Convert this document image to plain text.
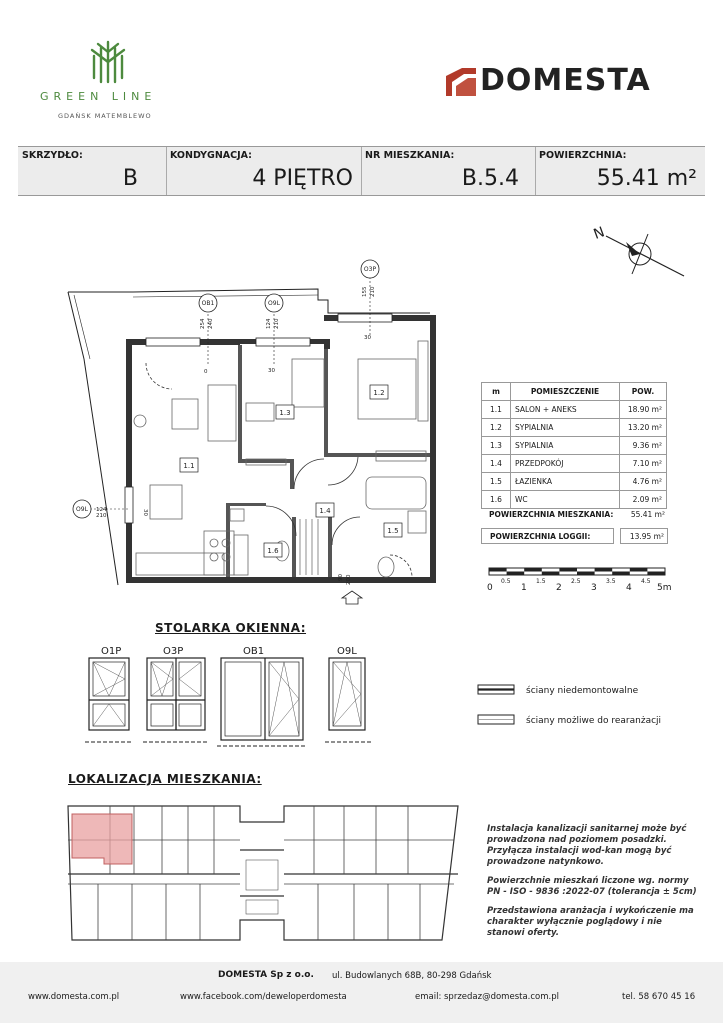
GREEN LINE
GDAŃSK MATEMBLEWO
DOMESTA
SKRZYDŁO:
B
KONDYGNACJA:
4 PIĘTRO
NR MIESZKANIA:
B.5.4
POWIERZCHNIA:
55.41 m²
N
OB1	O9L
O3P
O9L
254 240	124 210
155 210
124
210
90 200
0	30
30
30
1.1
1.2
1.3
1.4
1.5
1.6
m	POMIESZCZENIE	POW.
1.1	SALON + ANEKS	18.90 m²
1.2	SYPIALNIA	13.20 m²
1.3	SYPIALNIA	9.36 m²
1.4	PRZEDPOKÓJ	7.10 m²
1.5	ŁAZIENKA	4.76 m²
1.6	WC	2.09 m²
POWIERZCHNIA MIESZKANIA:	55.41 m²
POWIERZCHNIA LOGGII:	13.95 m²
0	1	2	3	4	5m
0.5	1.5	2.5	3.5	4.5
STOLARKA OKIENNA:
O1P	O3P	OB1	O9L
ściany niedemontowalne
ściany możliwe do rearanżacji
LOKALIZACJA MIESZKANIA:

Instalacja kanalizacji sanitarnej może być prowadzona nad poziomem posadzki. Przyłącza instalacji wod-kan mogą być prowadzone natynkowo.

Powierzchnie mieszkań liczone wg. normy PN - ISO - 9836 :2022-07 (tolerancja ± 5cm)

Przedstawiona aranżacja i wykończenie ma charakter wyłącznie poglądowy i nie stanowi oferty.

DOMESTA Sp z o.o. ul. Budowlanych 68B, 80-298 Gdańsk
www.domesta.com.pl	www.facebook.com/deweloperdomesta	email: sprzedaz@domesta.com.pl	tel. 58 670 45 16
